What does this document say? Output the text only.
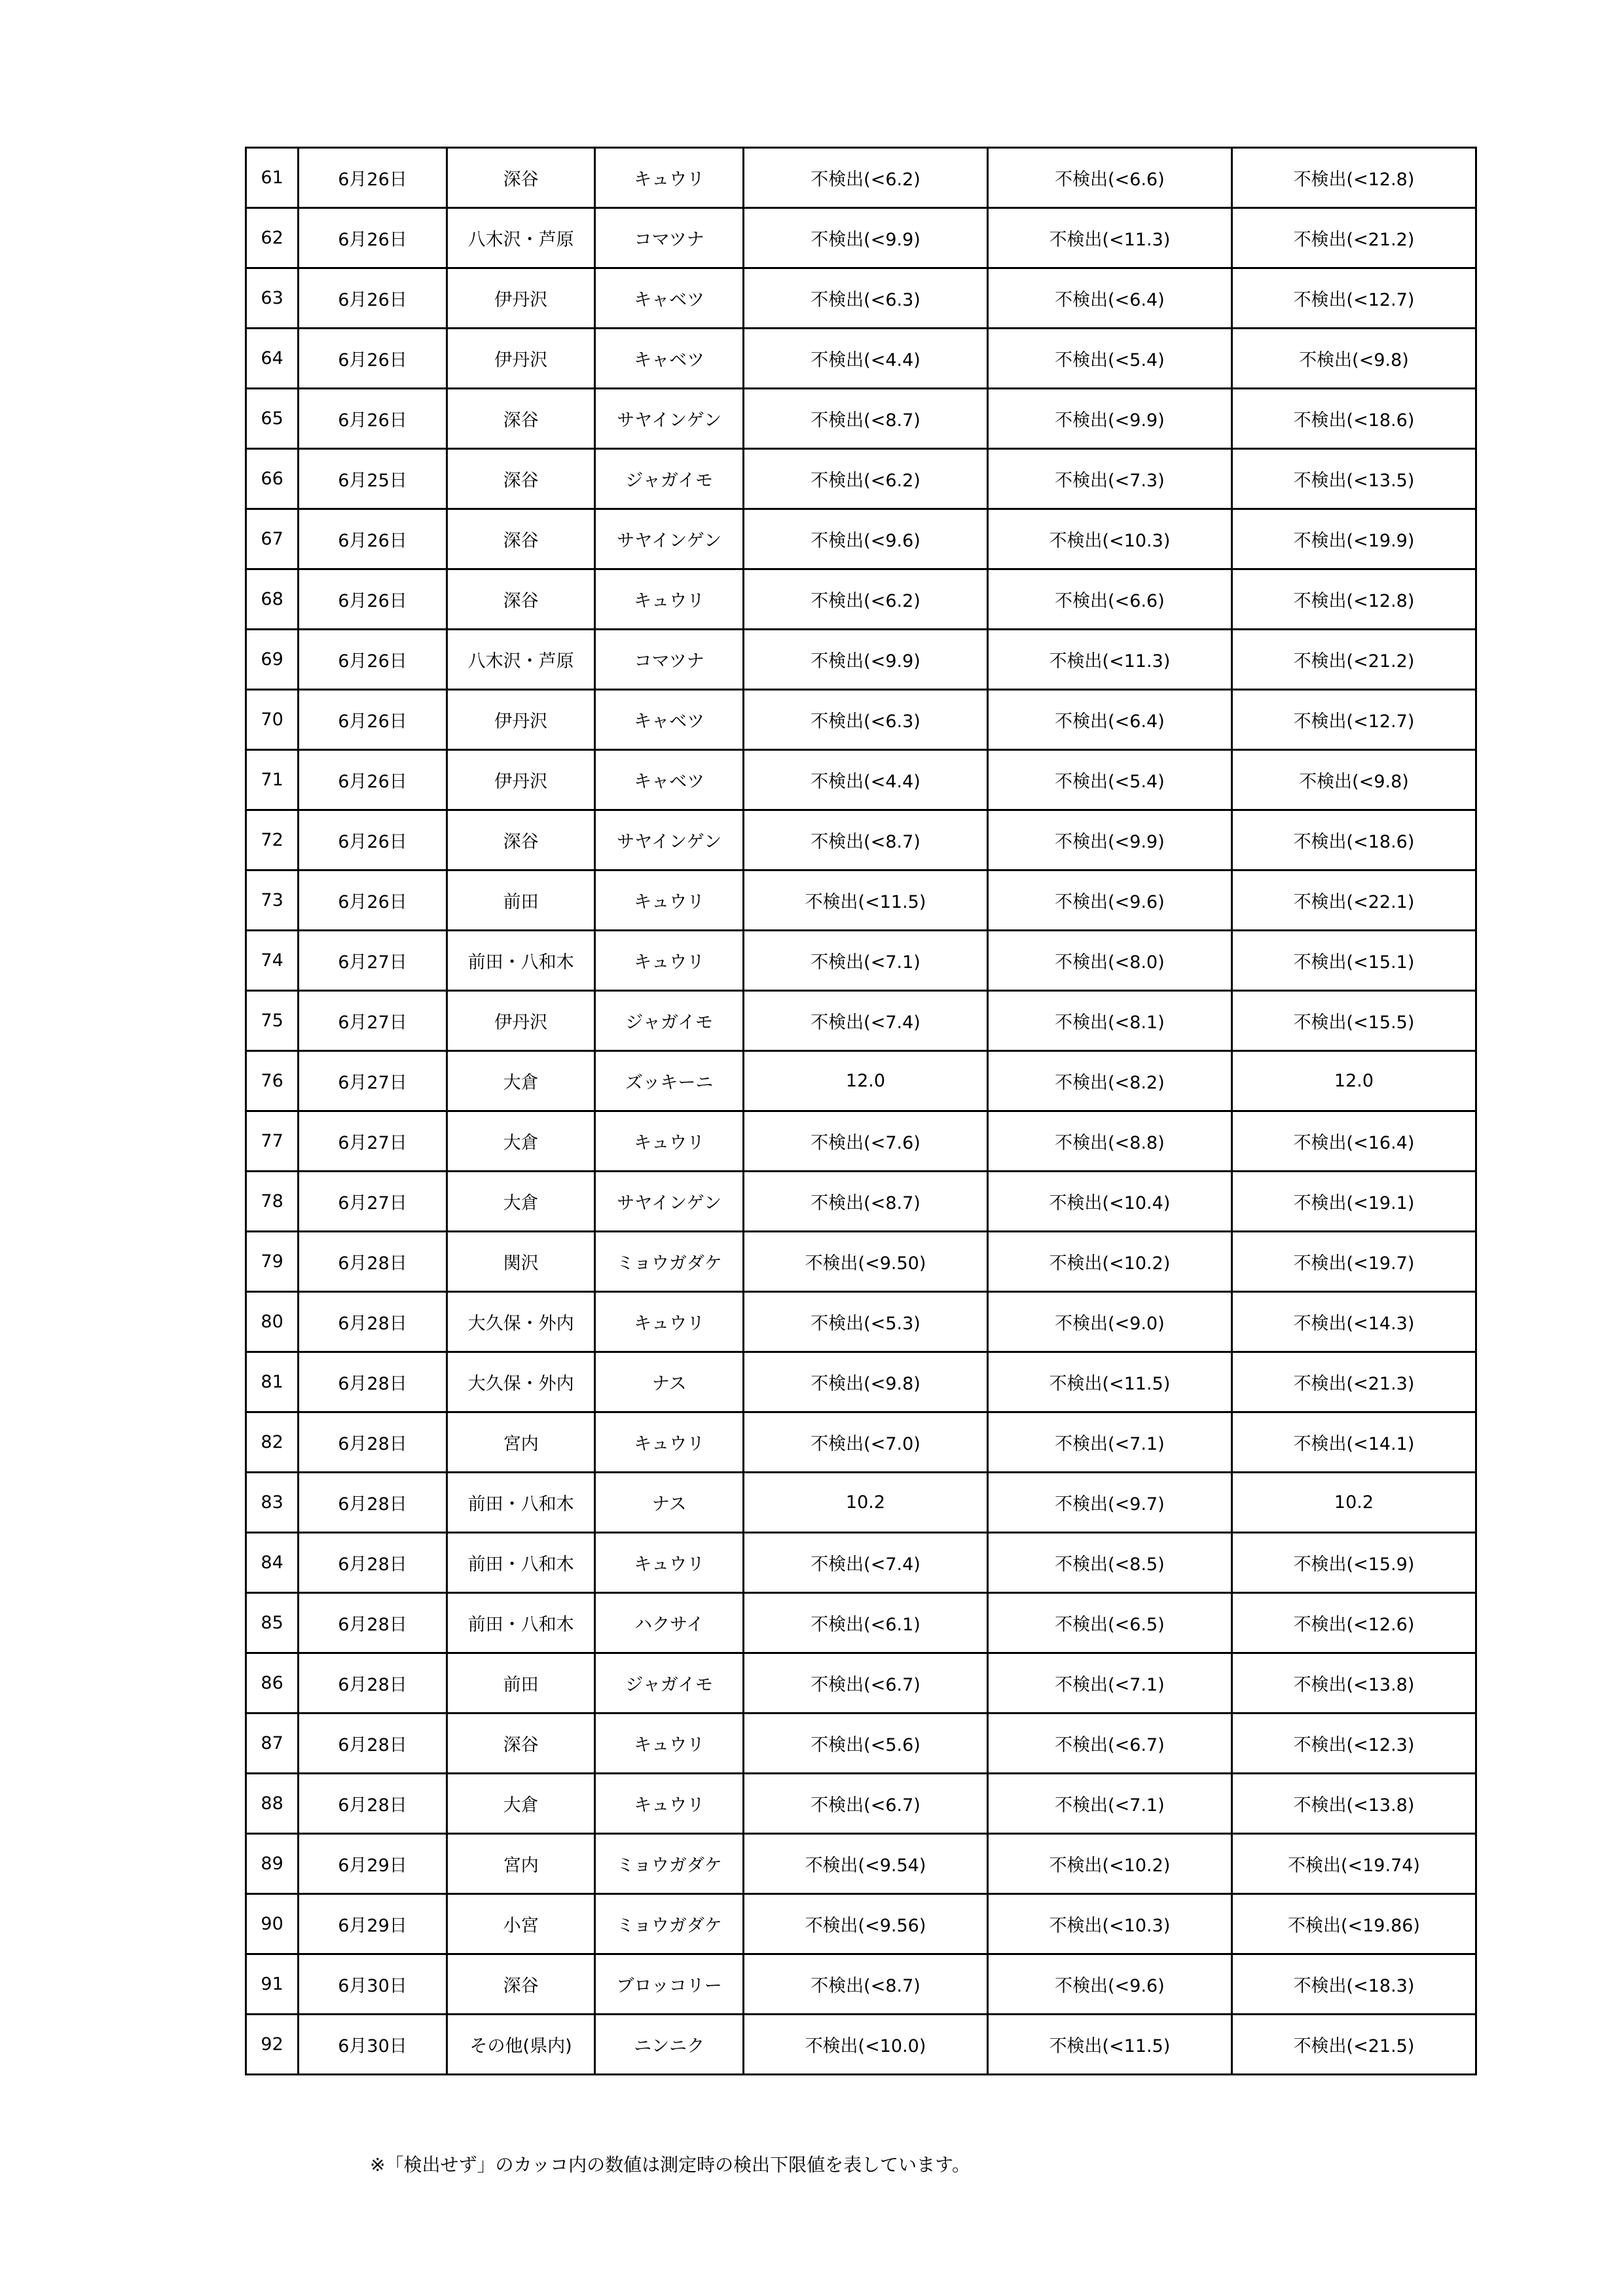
61	6月26日	深谷	キュウリ	不検出(<6.2)	不検出(<6.6)	不検出(<12.8)
62	6月26日	八木沢・芦原	コマツナ	不検出(<9.9)	不検出(<11.3)	不検出(<21.2)
63	6月26日	伊丹沢	キャベツ	不検出(<6.3)	不検出(<6.4)	不検出(<12.7)
64	6月26日	伊丹沢	キャベツ	不検出(<4.4)	不検出(<5.4)	不検出(<9.8)
65	6月26日	深谷	サヤインゲン	不検出(<8.7)	不検出(<9.9)	不検出(<18.6)
66	6月25日	深谷	ジャガイモ	不検出(<6.2)	不検出(<7.3)	不検出(<13.5)
67	6月26日	深谷	サヤインゲン	不検出(<9.6)	不検出(<10.3)	不検出(<19.9)
68	6月26日	深谷	キュウリ	不検出(<6.2)	不検出(<6.6)	不検出(<12.8)
69	6月26日	八木沢・芦原	コマツナ	不検出(<9.9)	不検出(<11.3)	不検出(<21.2)
70	6月26日	伊丹沢	キャベツ	不検出(<6.3)	不検出(<6.4)	不検出(<12.7)
71	6月26日	伊丹沢	キャベツ	不検出(<4.4)	不検出(<5.4)	不検出(<9.8)
72	6月26日	深谷	サヤインゲン	不検出(<8.7)	不検出(<9.9)	不検出(<18.6)
73	6月26日	前田	キュウリ	不検出(<11.5)	不検出(<9.6)	不検出(<22.1)
74	6月27日	前田・八和木	キュウリ	不検出(<7.1)	不検出(<8.0)	不検出(<15.1)
75	6月27日	伊丹沢	ジャガイモ	不検出(<7.4)	不検出(<8.1)	不検出(<15.5)
76	6月27日	大倉	ズッキーニ	12.0	不検出(<8.2)	12.0
77	6月27日	大倉	キュウリ	不検出(<7.6)	不検出(<8.8)	不検出(<16.4)
78	6月27日	大倉	サヤインゲン	不検出(<8.7)	不検出(<10.4)	不検出(<19.1)
79	6月28日	関沢	ミョウガダケ	不検出(<9.50)	不検出(<10.2)	不検出(<19.7)
80	6月28日	大久保・外内	キュウリ	不検出(<5.3)	不検出(<9.0)	不検出(<14.3)
81	6月28日	大久保・外内	ナス	不検出(<9.8)	不検出(<11.5)	不検出(<21.3)
82	6月28日	宮内	キュウリ	不検出(<7.0)	不検出(<7.1)	不検出(<14.1)
83	6月28日	前田・八和木	ナス	10.2	不検出(<9.7)	10.2
84	6月28日	前田・八和木	キュウリ	不検出(<7.4)	不検出(<8.5)	不検出(<15.9)
85	6月28日	前田・八和木	ハクサイ	不検出(<6.1)	不検出(<6.5)	不検出(<12.6)
86	6月28日	前田	ジャガイモ	不検出(<6.7)	不検出(<7.1)	不検出(<13.8)
87	6月28日	深谷	キュウリ	不検出(<5.6)	不検出(<6.7)	不検出(<12.3)
88	6月28日	大倉	キュウリ	不検出(<6.7)	不検出(<7.1)	不検出(<13.8)
89	6月29日	宮内	ミョウガダケ	不検出(<9.54)	不検出(<10.2)	不検出(<19.74)
90	6月29日	小宮	ミョウガダケ	不検出(<9.56)	不検出(<10.3)	不検出(<19.86)
91	6月30日	深谷	ブロッコリー	不検出(<8.7)	不検出(<9.6)	不検出(<18.3)
92	6月30日	その他(県内)	ニンニク	不検出(<10.0)	不検出(<11.5)	不検出(<21.5)
※「検出せず」のカッコ内の数値は測定時の検出下限値を表しています。
